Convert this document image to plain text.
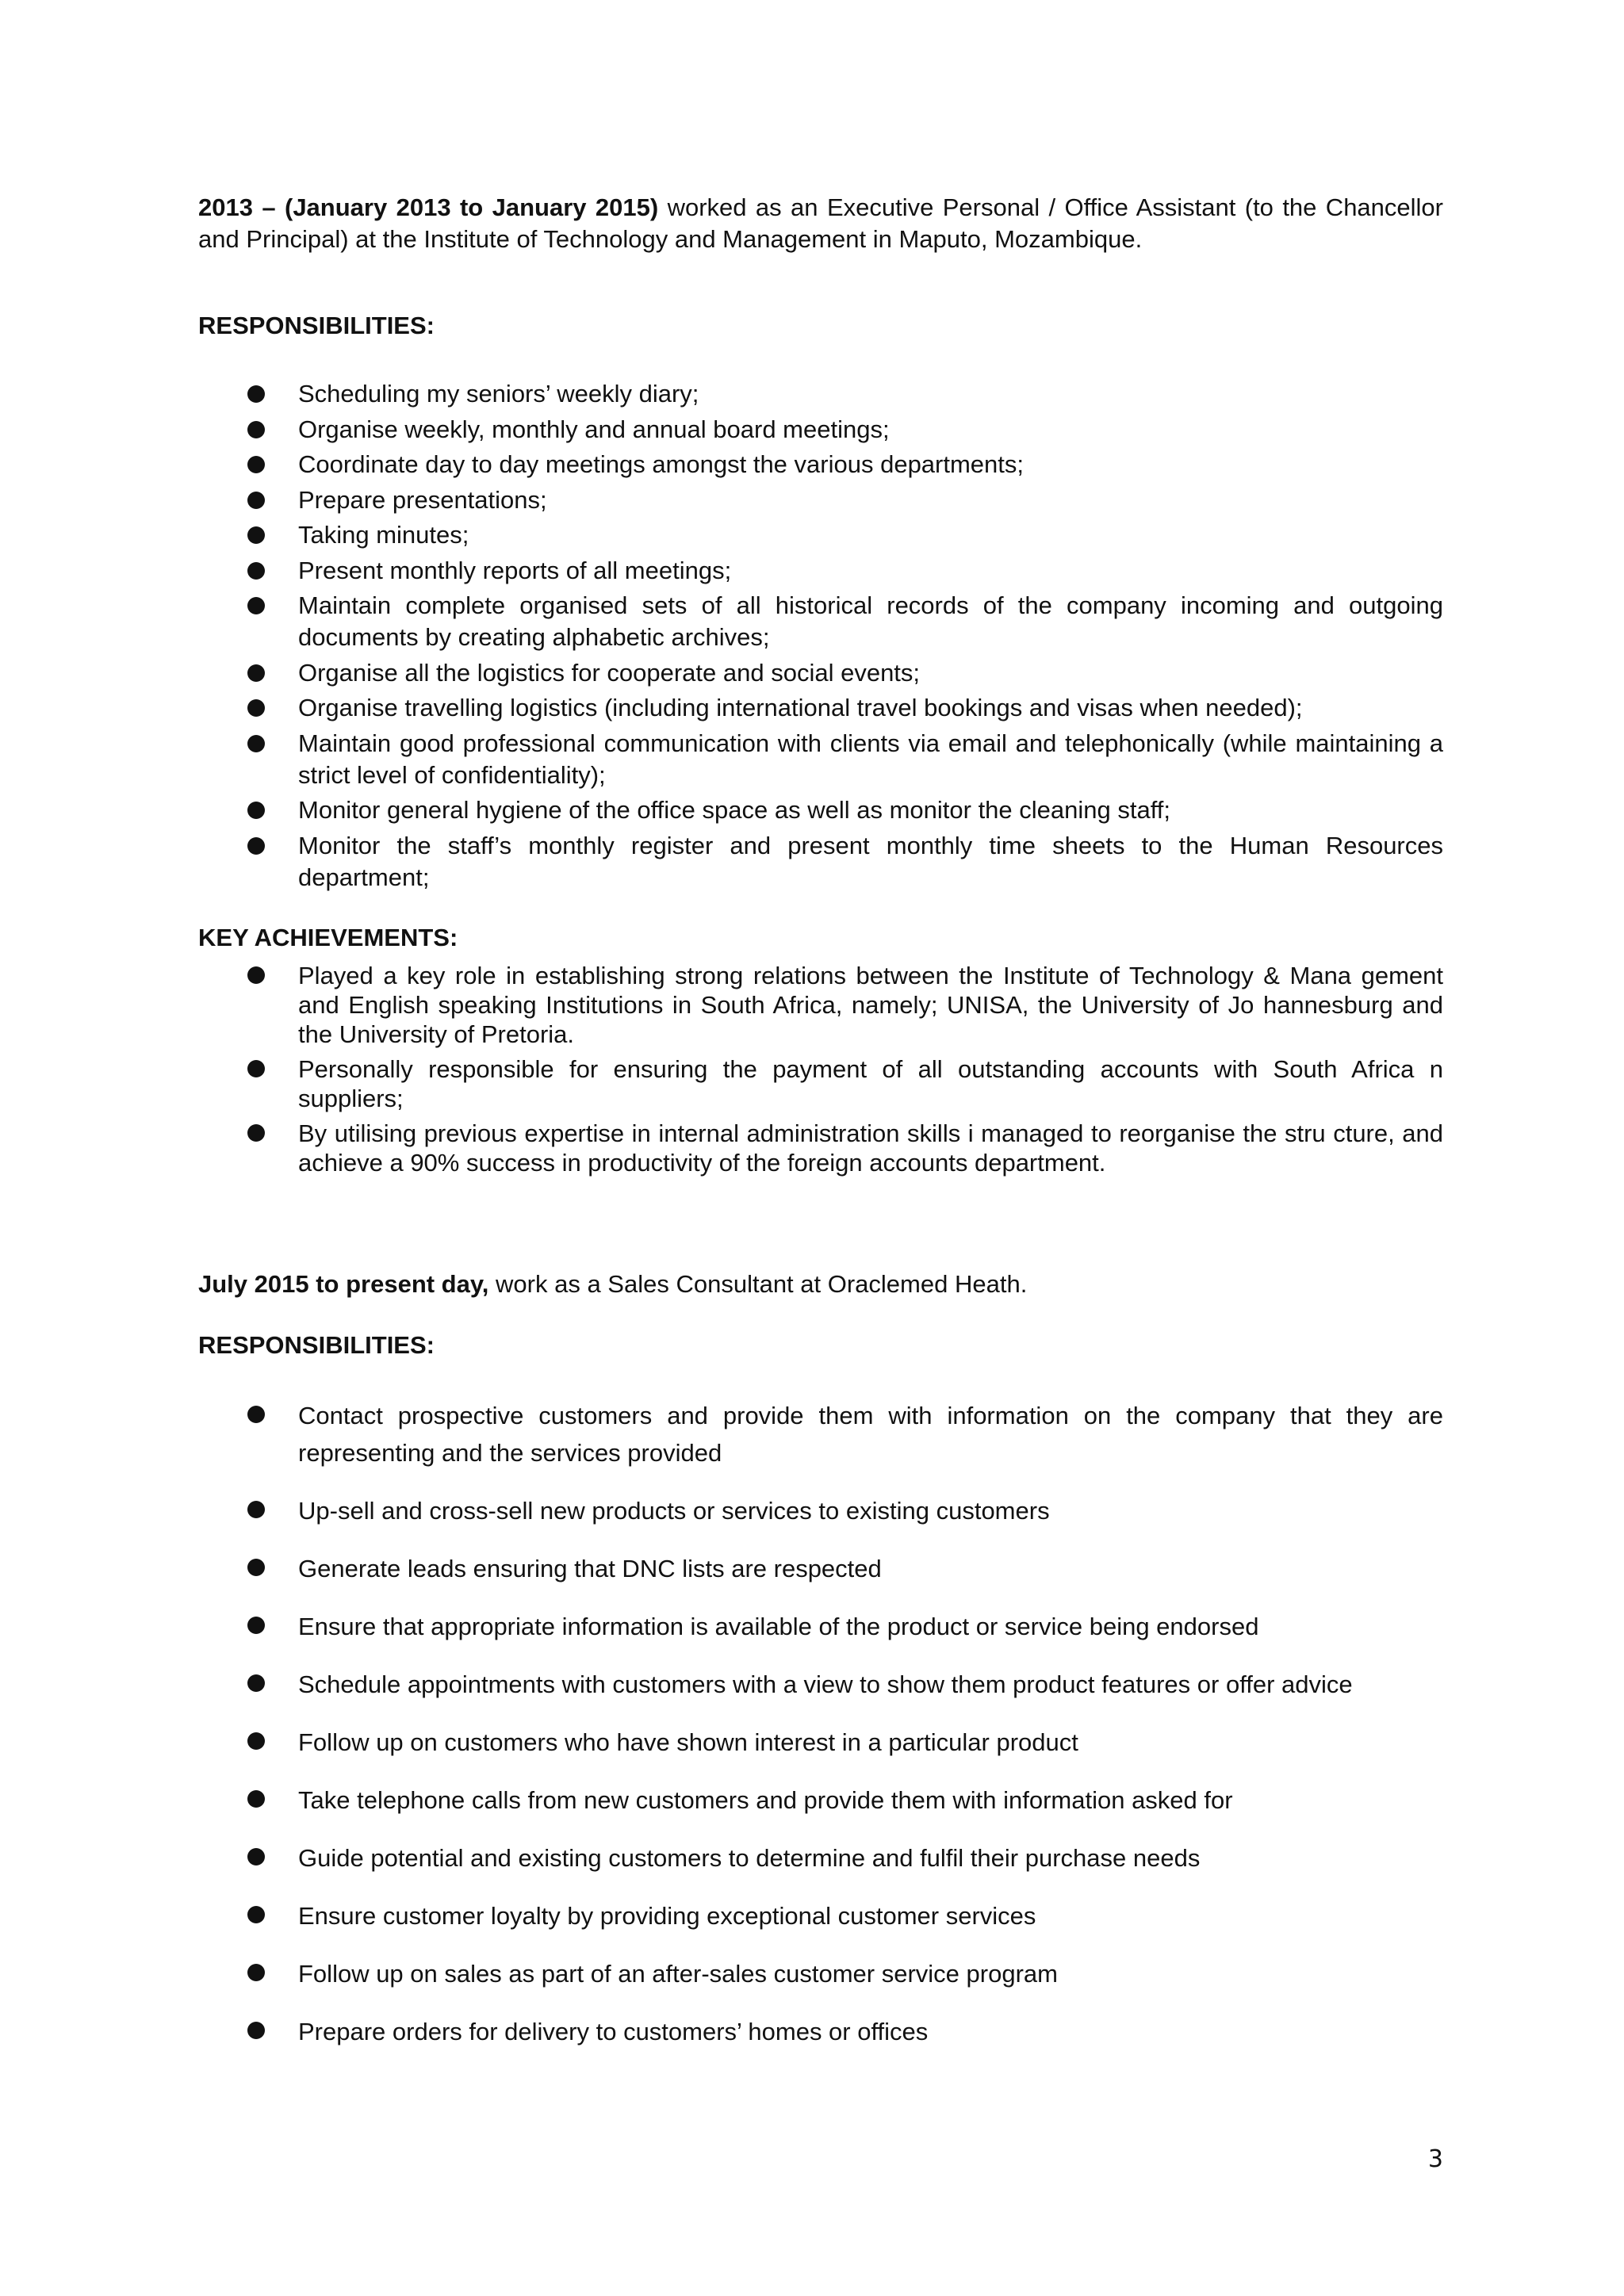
2013 – (January 2013 to January 2015) worked as an Executive Personal / Office Assistant (to the Chancellor and Principal) at the Institute of Technology and Management in Maputo, Mozambique.
RESPONSIBILITIES:
Scheduling my seniors’ weekly diary;
Organise weekly, monthly and annual board meetings;
Coordinate day to day meetings amongst the various departments;
Prepare presentations;
Taking minutes;
Present monthly reports of all meetings;
Maintain complete organised sets of all historical records of the company incoming and outgoing documents by creating alphabetic archives;
Organise all the logistics for cooperate and social events;
Organise travelling logistics (including international travel bookings and visas when needed);
Maintain good professional communication with clients via email and telephonically (while maintaining a strict level of confidentiality);
Monitor general hygiene of the office space as well as monitor the cleaning staff;
Monitor the staff’s monthly register and present monthly time sheets to the Human Resources department;
KEY ACHIEVEMENTS:
Played a key role in establishing strong relations between the Institute of Technology & Mana gement and English speaking Institutions in South Africa, namely; UNISA, the University of Jo hannesburg and the University of Pretoria.
Personally responsible for ensuring the payment of all outstanding accounts with South Africa n suppliers;
By utilising previous expertise in internal administration skills i managed to reorganise the stru cture, and achieve a 90% success in productivity of the foreign accounts department.
July 2015 to present day, work as a Sales Consultant at Oraclemed Heath.
RESPONSIBILITIES:
Contact prospective customers and provide them with information on the company that they are representing and the services provided
Up-sell and cross-sell new products or services to existing customers
Generate leads ensuring that DNC lists are respected
Ensure that appropriate information is available of the product or service being endorsed
Schedule appointments with customers with a view to show them product features or offer advice
Follow up on customers who have shown interest in a particular product
Take telephone calls from new customers and provide them with information asked for
Guide potential and existing customers to determine and fulfil their purchase needs
Ensure customer loyalty by providing exceptional customer services
Follow up on sales as part of an after-sales customer service program
Prepare orders for delivery to customers’ homes or offices
3
